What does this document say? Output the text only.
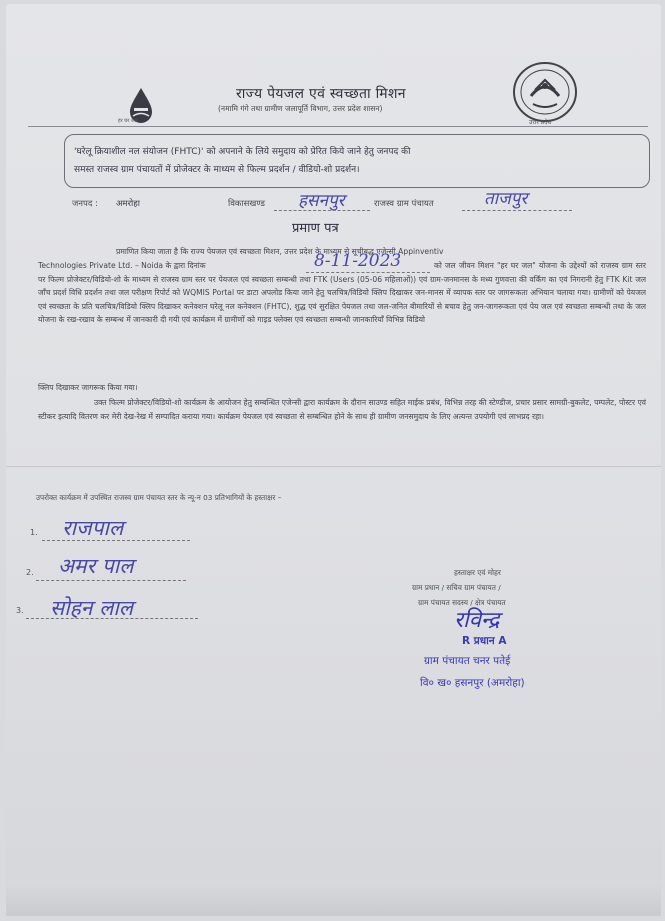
हर घर जल
राज्य पेयजल एवं स्वच्छता मिशन
(नमामि गंगे तथा ग्रामीण जलापूर्ति विभाग, उत्तर प्रदेश शासन)
उत्तर प्रदेश
'घरेलू क्रियाशील नल संयोजन (FHTC)' को अपनाने के लिये समुदाय को प्रेरित किये जाने हेतु जनपद की
समस्त राजस्व ग्राम पंचायतों में प्रोजेक्टर के माध्यम से फिल्म प्रदर्शन / वीडियो-शो प्रदर्शन।
जनपद : अमरोहा	विकासखण्ड हसनपुर	राजस्व ग्राम पंचायत	ताजपुर
प्रमाण पत्र
प्रमाणित किया जाता है कि राज्य पेयजल एवं स्वच्छता मिशन, उत्तर प्रदेश के माध्यम से सूचीबद्ध एजेन्सी Appinventiv
Technologies Private Ltd. – Noida के द्वारा दिनांक	8-11-2023	को जल जीवन मिशन "हर घर जल" योजना के उद्देश्यों को राजस्व ग्राम स्तर पर फिल्म प्रोजेक्टर/विडियो-शो के माध्यम से राजस्व ग्राम स्तर पर पेयजल एवं स्वच्छता सम्बन्धी तथा FTK (Users (05-06 महिलाओं)) एवं ग्राम-जनमानस के मध्य गुणवत्ता की वर्किंग का एवं निगरानी हेतु FTK Kit जल जाँच प्रदर्श विधि प्रदर्शन तथा जल परीक्षण रिपोर्ट को WQMIS Portal पर डाटा अपलोड किया जाने हेतु चलचित्र/विडियो क्लिप दिखाकर जन-मानस में व्यापक स्तर पर जागरूकता अभियान चलाया गया। ग्रामीणों को पेयजल एवं स्वच्छता के प्रति चलचित्र/विडियो क्लिप दिखाकर कनेक्शन घरेलू नल कनेक्शन (FHTC), शुद्ध एवं सुरक्षित पेयजल तथा जल-जनित बीमारियों से बचाव हेतु जन-जागरूकता एवं पेय जल एवं स्वच्छता सम्बन्धी तथा के जल योजना के रख-रखाव के सम्बन्ध में जानकारी दी गयी एवं कार्यक्रम में ग्रामीणों को गाइड फ्लेक्स एवं स्वच्छता सम्बन्धी जानकारियाँ विभिन्न विडियो
क्लिप दिखाकर जागरूक किया गया।
उक्त फिल्म प्रोजेक्टर/विडियो-शो कार्यक्रम के आयोजन हेतु सम्बन्धित एजेन्सी द्वारा कार्यक्रम के दौरान साउण्ड सहित माईक प्रबंध, विभिन्न तरह की स्टेण्डीज, प्रचार प्रसार सामग्री-बुकलेट, पम्पलेट, पोस्टर एवं स्टीकर इत्यादि वितरण कर मेरी देख-रेख में सम्पादित कराया गया। कार्यक्रम पेयजल एवं स्वच्छता से सम्बन्धित होने के साथ ही ग्रामीण जनसमुदाय के लिए अत्यन्त उपयोगी एवं लाभप्रद रहा।
उपरोक्त कार्यक्रम में उपस्थित राजस्व ग्राम पंचायत स्तर के न्यू-न 03 प्रतिभागियों के हस्ताक्षर –
1. राजपाल
2. अमर पाल
3. सोहन लाल
हस्ताक्षर एवं मोहर
ग्राम प्रधान / सचिव ग्राम पंचायत /
ग्राम पंचायत सदस्य / क्षेत्र पंचायत
रविन्द्र
R प्रधान A
ग्राम पंचायत चनर पतेई
वि० ख० हसनपुर (अमरोहा)
